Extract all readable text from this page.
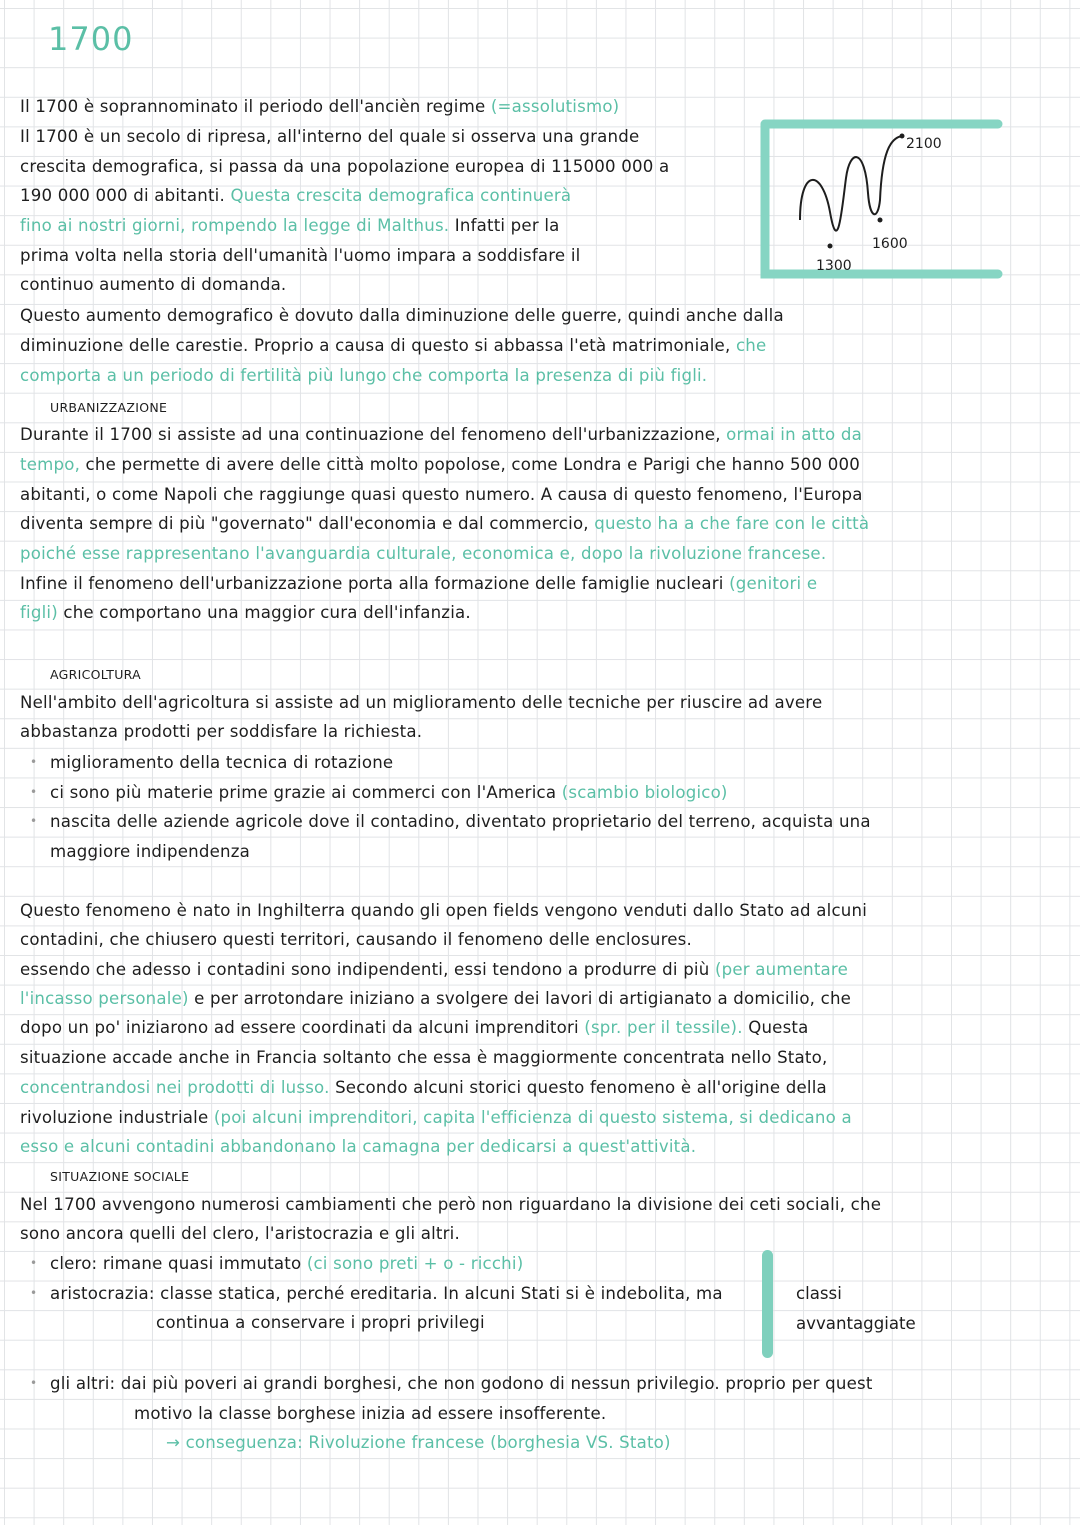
1700
2100
1600
1300
Il 1700 è soprannominato il periodo dell'ancièn regime (=assolutismo)
Il 1700 è un secolo di ripresa, all'interno del quale si osserva una grande
crescita demografica, si passa da una popolazione europea di 115000 000 a
190 000 000 di abitanti. Questa crescita demografica continuerà
fino ai nostri giorni, rompendo la legge di Malthus. Infatti per la
prima volta nella storia dell'umanità l'uomo impara a soddisfare il
continuo aumento di domanda.
Questo aumento demografico è dovuto dalla diminuzione delle guerre, quindi anche dalla
diminuzione delle carestie. Proprio a causa di questo si abbassa l'età matrimoniale, che
comporta a un periodo di fertilità più lungo che comporta la presenza di più figli.
URBANIZZAZIONE
Durante il 1700 si assiste ad una continuazione del fenomeno dell'urbanizzazione, ormai in atto da
tempo, che permette di avere delle città molto popolose, come Londra e Parigi che hanno 500 000
abitanti, o come Napoli che raggiunge quasi questo numero. A causa di questo fenomeno, l'Europa
diventa sempre di più "governato" dall'economia e dal commercio, questo ha a che fare con le città
poiché esse rappresentano l'avanguardia culturale, economica e, dopo la rivoluzione francese.
Infine il fenomeno dell'urbanizzazione porta alla formazione delle famiglie nucleari (genitori e
figli) che comportano una maggior cura dell'infanzia.
AGRICOLTURA
Nell'ambito dell'agricoltura si assiste ad un miglioramento delle tecniche per riuscire ad avere
abbastanza prodotti per soddisfare la richiesta.
• miglioramento della tecnica di rotazione
• ci sono più materie prime grazie ai commerci con l'America (scambio biologico)
• nascita delle aziende agricole dove il contadino, diventato proprietario del terreno, acquista una
maggiore indipendenza
Questo fenomeno è nato in Inghilterra quando gli open fields vengono venduti dallo Stato ad alcuni
contadini, che chiusero questi territori, causando il fenomeno delle enclosures.
essendo che adesso i contadini sono indipendenti, essi tendono a produrre di più (per aumentare
l'incasso personale) e per arrotondare iniziano a svolgere dei lavori di artigianato a domicilio, che
dopo un po' iniziarono ad essere coordinati da alcuni imprenditori (spr. per il tessile). Questa
situazione accade anche in Francia soltanto che essa è maggiormente concentrata nello Stato,
concentrandosi nei prodotti di lusso. Secondo alcuni storici questo fenomeno è all'origine della
rivoluzione industriale (poi alcuni imprenditori, capita l'efficienza di questo sistema, si dedicano a
esso e alcuni contadini abbandonano la camagna per dedicarsi a quest'attività.
SITUAZIONE SOCIALE
Nel 1700 avvengono numerosi cambiamenti che però non riguardano la divisione dei ceti sociali, che
sono ancora quelli del clero, l'aristocrazia e gli altri.
• clero: rimane quasi immutato (ci sono preti + o - ricchi)
• aristocrazia: classe statica, perché ereditaria. In alcuni Stati si è indebolita, ma
continua a conservare i propri privilegi
classi
avvantaggiate
• gli altri: dai più poveri ai grandi borghesi, che non godono di nessun privilegio. proprio per quest
motivo la classe borghese inizia ad essere insofferente.
→ conseguenza: Rivoluzione francese (borghesia VS. Stato)
